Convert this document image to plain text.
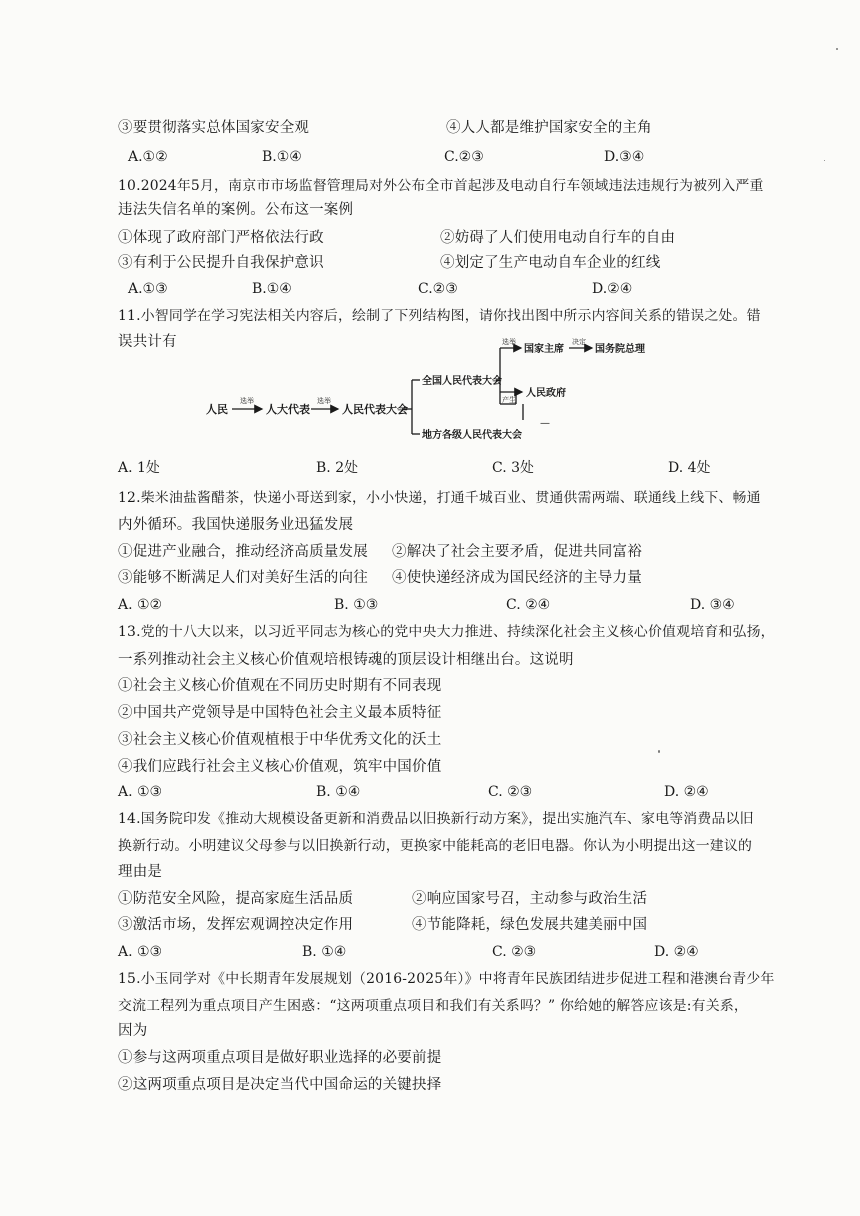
③要贯彻落实总体国家安全观	④人人都是维护国家安全的主角
A.①②	B.①④	C.②③	D.③④
10.2024年5月，南京市市场监督管理局对外公布全市首起涉及电动自行车领域违法违规行为被列入严重
违法失信名单的案例。公布这一案例
①体现了政府部门严格依法行政	②妨碍了人们使用电动自行车的自由
③有利于公民提升自我保护意识	④划定了生产电动自车企业的红线
A.①③	B.①④	C.②③	D.②④
11.小智同学在学习宪法相关内容后，绘制了下列结构图，请你找出图中所示内容间关系的错误之处。错
误共计有
人民
选举
人大代表
选举
人民代表大会
全国人民代表大会
地方各级人民代表大会
选举
国家主席
决定
国务院总理
产生
人民政府
—
A. 1处	B. 2处	C. 3处	D. 4处
12.柴米油盐酱醋茶，快递小哥送到家，小小快递，打通千城百业、贯通供需两端、联通线上线下、畅通
内外循环。我国快递服务业迅猛发展
①促进产业融合，推动经济高质量发展 ②解决了社会主要矛盾，促进共同富裕
③能够不断满足人们对美好生活的向往 ④使快递经济成为国民经济的主导力量
A. ①②	B. ①③	C. ②④	D. ③④
13.党的十八大以来，以习近平同志为核心的党中央大力推进、持续深化社会主义核心价值观培育和弘扬，
一系列推动社会主义核心价值观培根铸魂的顶层设计相继出台。这说明
①社会主义核心价值观在不同历史时期有不同表现
②中国共产党领导是中国特色社会主义最本质特征
③社会主义核心价值观植根于中华优秀文化的沃土
④我们应践行社会主义核心价值观，筑牢中国价值
A. ①③	B. ①④	C. ②③	D. ②④
14.国务院印发《推动大规模设备更新和消费品以旧换新行动方案》，提出实施汽车、家电等消费品以旧
换新行动。小明建议父母参与以旧换新行动，更换家中能耗高的老旧电器。你认为小明提出这一建议的
理由是
①防范安全风险，提高家庭生活品质	②响应国家号召，主动参与政治生活
③激活市场，发挥宏观调控决定作用	④节能降耗，绿色发展共建美丽中国
A. ①③	B. ①④	C. ②③	D. ②④
15.小玉同学对《中长期青年发展规划（2016-2025年）》中将青年民族团结进步促进工程和港澳台青少年
交流工程列为重点项目产生困惑：“这两项重点项目和我们有关系吗？” 你给她的解答应该是:有关系，
因为
①参与这两项重点项目是做好职业选择的必要前提
②这两项重点项目是决定当代中国命运的关键抉择
